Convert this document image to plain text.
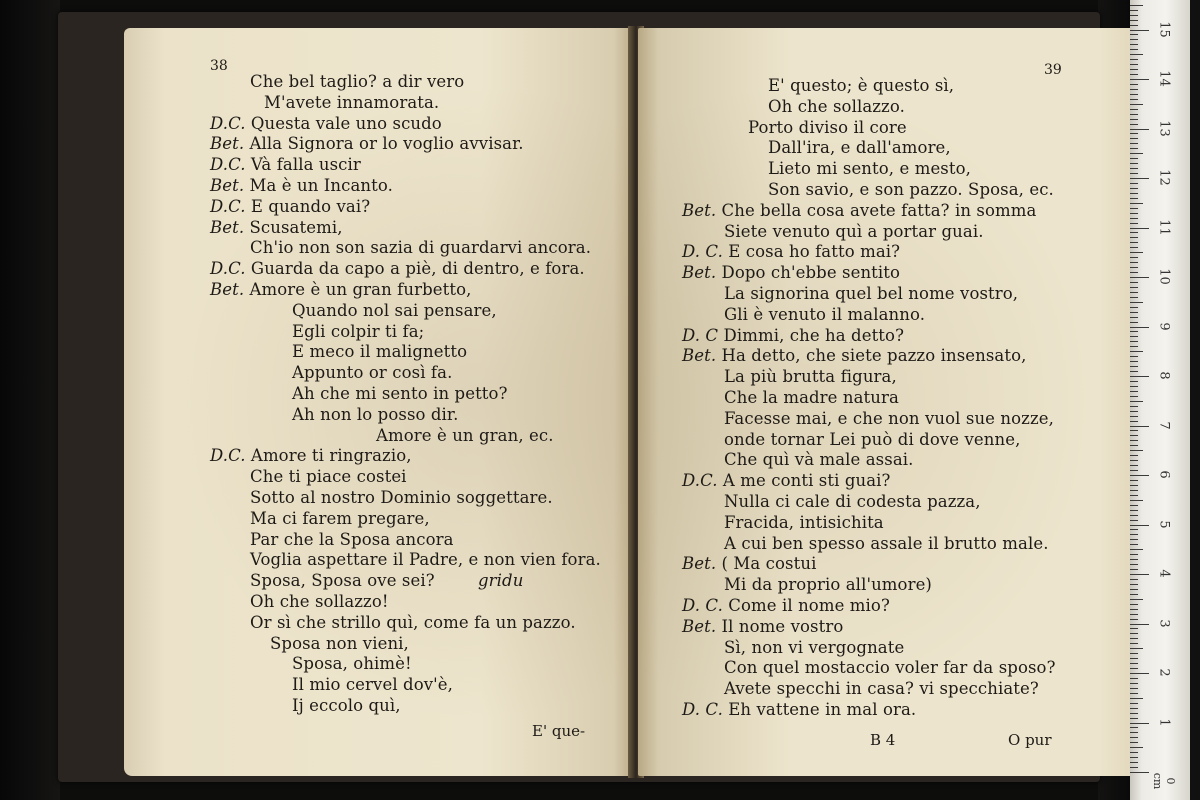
38
Che bel taglio? a dir vero
M'avete innamorata.
D.C. Questa vale uno scudo
Bet. Alla Signora or lo voglio avvisar.
D.C. Và falla uscir
Bet. Ma è un Incanto.
D.C. E quando vai?
Bet. Scusatemi,
Ch'io non son sazia di guardarvi ancora.
D.C. Guarda da capo a piè, di dentro, e fora.
Bet. Amore è un gran furbetto,
Quando nol sai pensare,
Egli colpir ti fa;
E meco il malignetto
Appunto or così fa.
Ah che mi sento in petto?
Ah non lo posso dir.
Amore è un gran, ec.
D.C. Amore ti ringrazio,
Che ti piace costei
Sotto al nostro Dominio soggettare.
Ma ci farem pregare,
Par che la Sposa ancora
Voglia aspettare il Padre, e non vien fora.
Sposa, Sposa ove sei?
Oh che sollazzo!
Or sì che strillo quì, come fa un pazzo.
Sposa non vieni,
Sposa, ohimè!
Il mio cervel dov'è,
Ij eccolo quì,
gridu
E' que-
39
E' questo; è questo sì,
Oh che sollazzo.
Porto diviso il core
Dall'ira, e dall'amore,
Lieto mi sento, e mesto,
Son savio, e son pazzo. Sposa, ec.
Bet. Che bella cosa avete fatta? in somma
Siete venuto quì a portar guai.
D. C. E cosa ho fatto mai?
Bet. Dopo ch'ebbe sentito
La signorina quel bel nome vostro,
Gli è venuto il malanno.
D. C Dimmi, che ha detto?
Bet. Ha detto, che siete pazzo insensato,
La più brutta figura,
Che la madre natura
Facesse mai, e che non vuol sue nozze,
onde tornar Lei può di dove venne,
Che quì và male assai.
D.C. A me conti sti guai?
Nulla ci cale di codesta pazza,
Fracida, intisichita
A cui ben spesso assale il brutto male.
Bet. ( Ma costui
Mi da proprio all'umore)
D. C. Come il nome mio?
Bet. Il nome vostro
Sì, non vi vergognate
Con quel mostaccio voler far da sposo?
Avete specchi in casa? vi specchiate?
D. C. Eh vattene in mal ora.
B 4	O pur
0 cm
1
2
3
4
5
6
7
8
9
10
11
12
13
14
15
